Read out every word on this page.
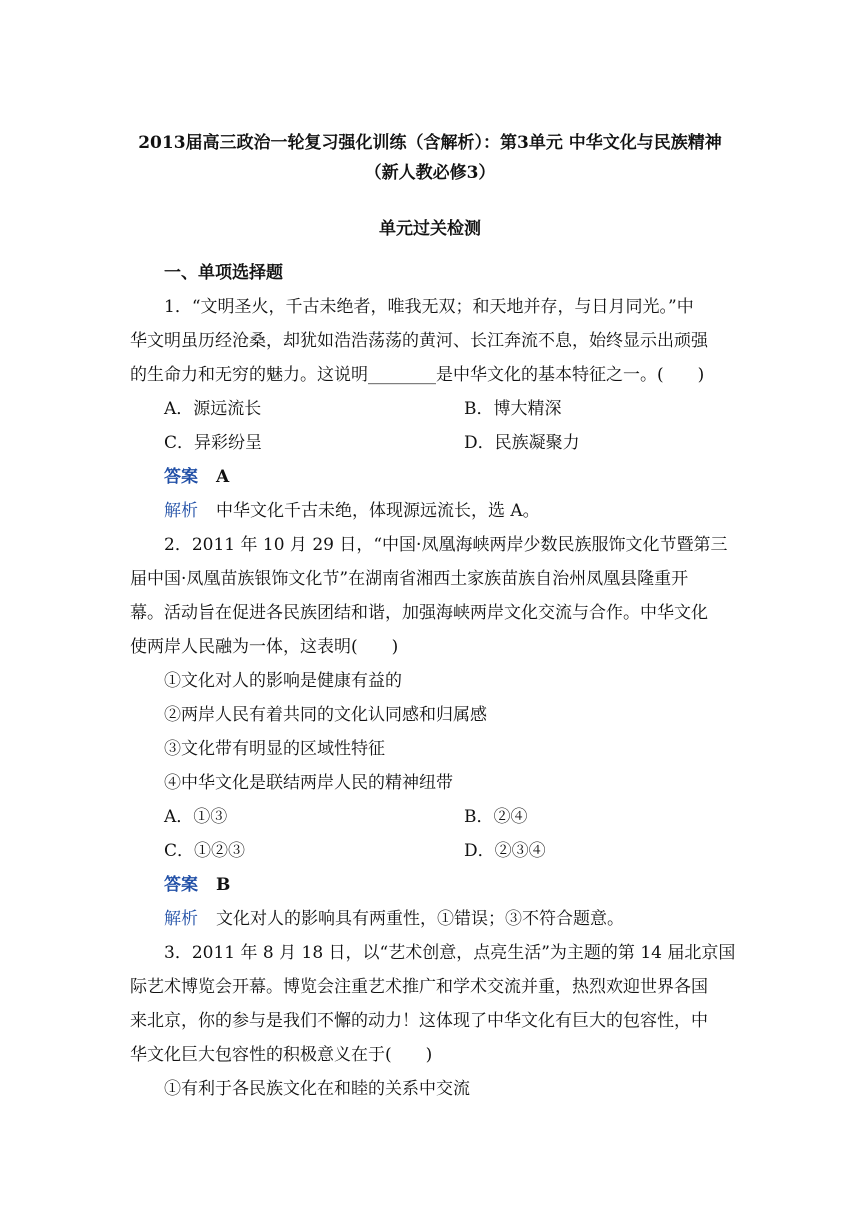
2013届高三政治一轮复习强化训练（含解析）：第3单元 中华文化与民族精神
（新人教必修3）
单元过关检测
一、单项选择题
1．“文明圣火，千古未绝者，唯我无双；和天地并存，与日月同光。”中
华文明虽历经沧桑，却犹如浩浩荡荡的黄河、长江奔流不息，始终显示出顽强
的生命力和无穷的魅力。这说明________是中华文化的基本特征之一。(　　)
A．源远流长	B．博大精深
C．异彩纷呈	D．民族凝聚力
答案 A
解析 中华文化千古未绝，体现源远流长，选 A。
2．2011 年 10 月 29 日，“中国·凤凰海峡两岸少数民族服饰文化节暨第三
届中国·凤凰苗族银饰文化节”在湖南省湘西土家族苗族自治州凤凰县隆重开
幕。活动旨在促进各民族团结和谐，加强海峡两岸文化交流与合作。中华文化
使两岸人民融为一体，这表明(　　)
①文化对人的影响是健康有益的
②两岸人民有着共同的文化认同感和归属感
③文化带有明显的区域性特征
④中华文化是联结两岸人民的精神纽带
A．①③	B．②④
C．①②③	D．②③④
答案 B
解析 文化对人的影响具有两重性，①错误；③不符合题意。
3．2011 年 8 月 18 日，以“艺术创意，点亮生活”为主题的第 14 届北京国
际艺术博览会开幕。博览会注重艺术推广和学术交流并重，热烈欢迎世界各国
来北京，你的参与是我们不懈的动力！这体现了中华文化有巨大的包容性，中
华文化巨大包容性的积极意义在于(　　)
①有利于各民族文化在和睦的关系中交流
